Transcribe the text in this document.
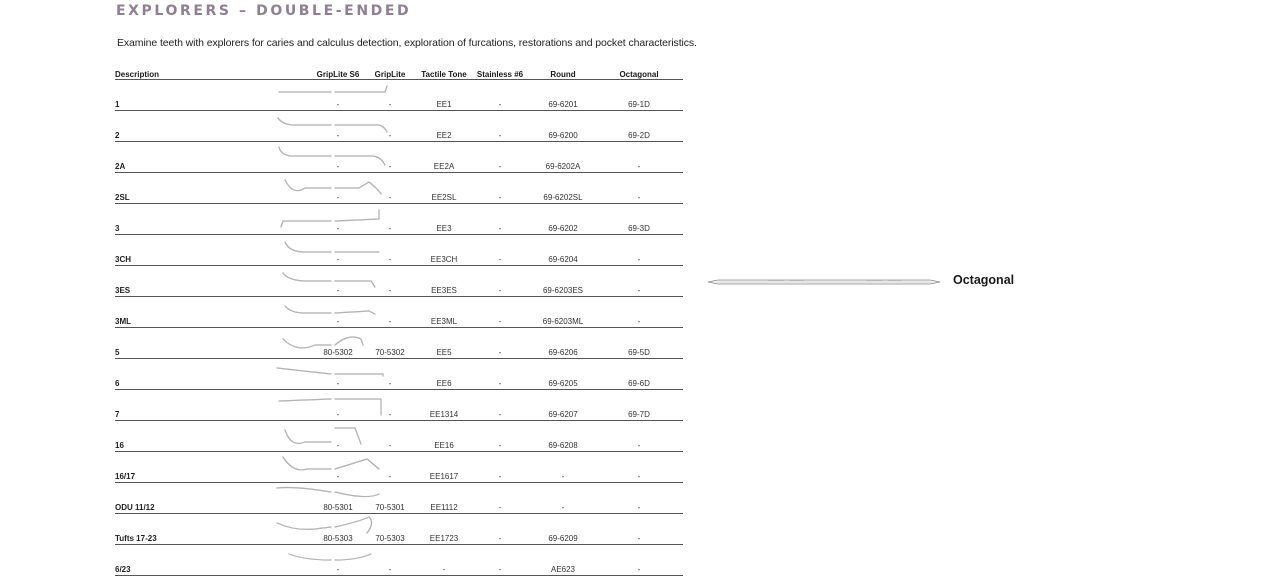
EXPLORERS – DOUBLE-ENDED

Examine teeth with explorers for caries and calculus detection, exploration of furcations, restorations and pocket characteristics.

Description		GripLite S6	GripLite	Tactile Tone	Stainless #6	Round	Octagonal
1		-	-	EE1	-	69-6201	69-1D
2		-	-	EE2	-	69-6200	69-2D
2A		-	-	EE2A	-	69-6202A	-
2SL		-	-	EE2SL	-	69-6202SL	-
3		-	-	EE3	-	69-6202	69-3D
3CH		-	-	EE3CH	-	69-6204	-
3ES		-	-	EE3ES	-	69-6203ES	-
3ML		-	-	EE3ML	-	69-6203ML	-
5		80-5302	70-5302	EE5	-	69-6206	69-5D
6		-	-	EE6	-	69-6205	69-6D
7		-	-	EE1314	-	69-6207	69-7D
16		-	-	EE16	-	69-6208	-
16/17		-	-	EE1617	-	-	-
ODU 11/12		80-5301	70-5301	EE1112	-	-	-
Tufts 17-23		80-5303	70-5303	EE1723	-	69-6209	-
6/23		-	-	-	-	AE623	-

Octagonal
